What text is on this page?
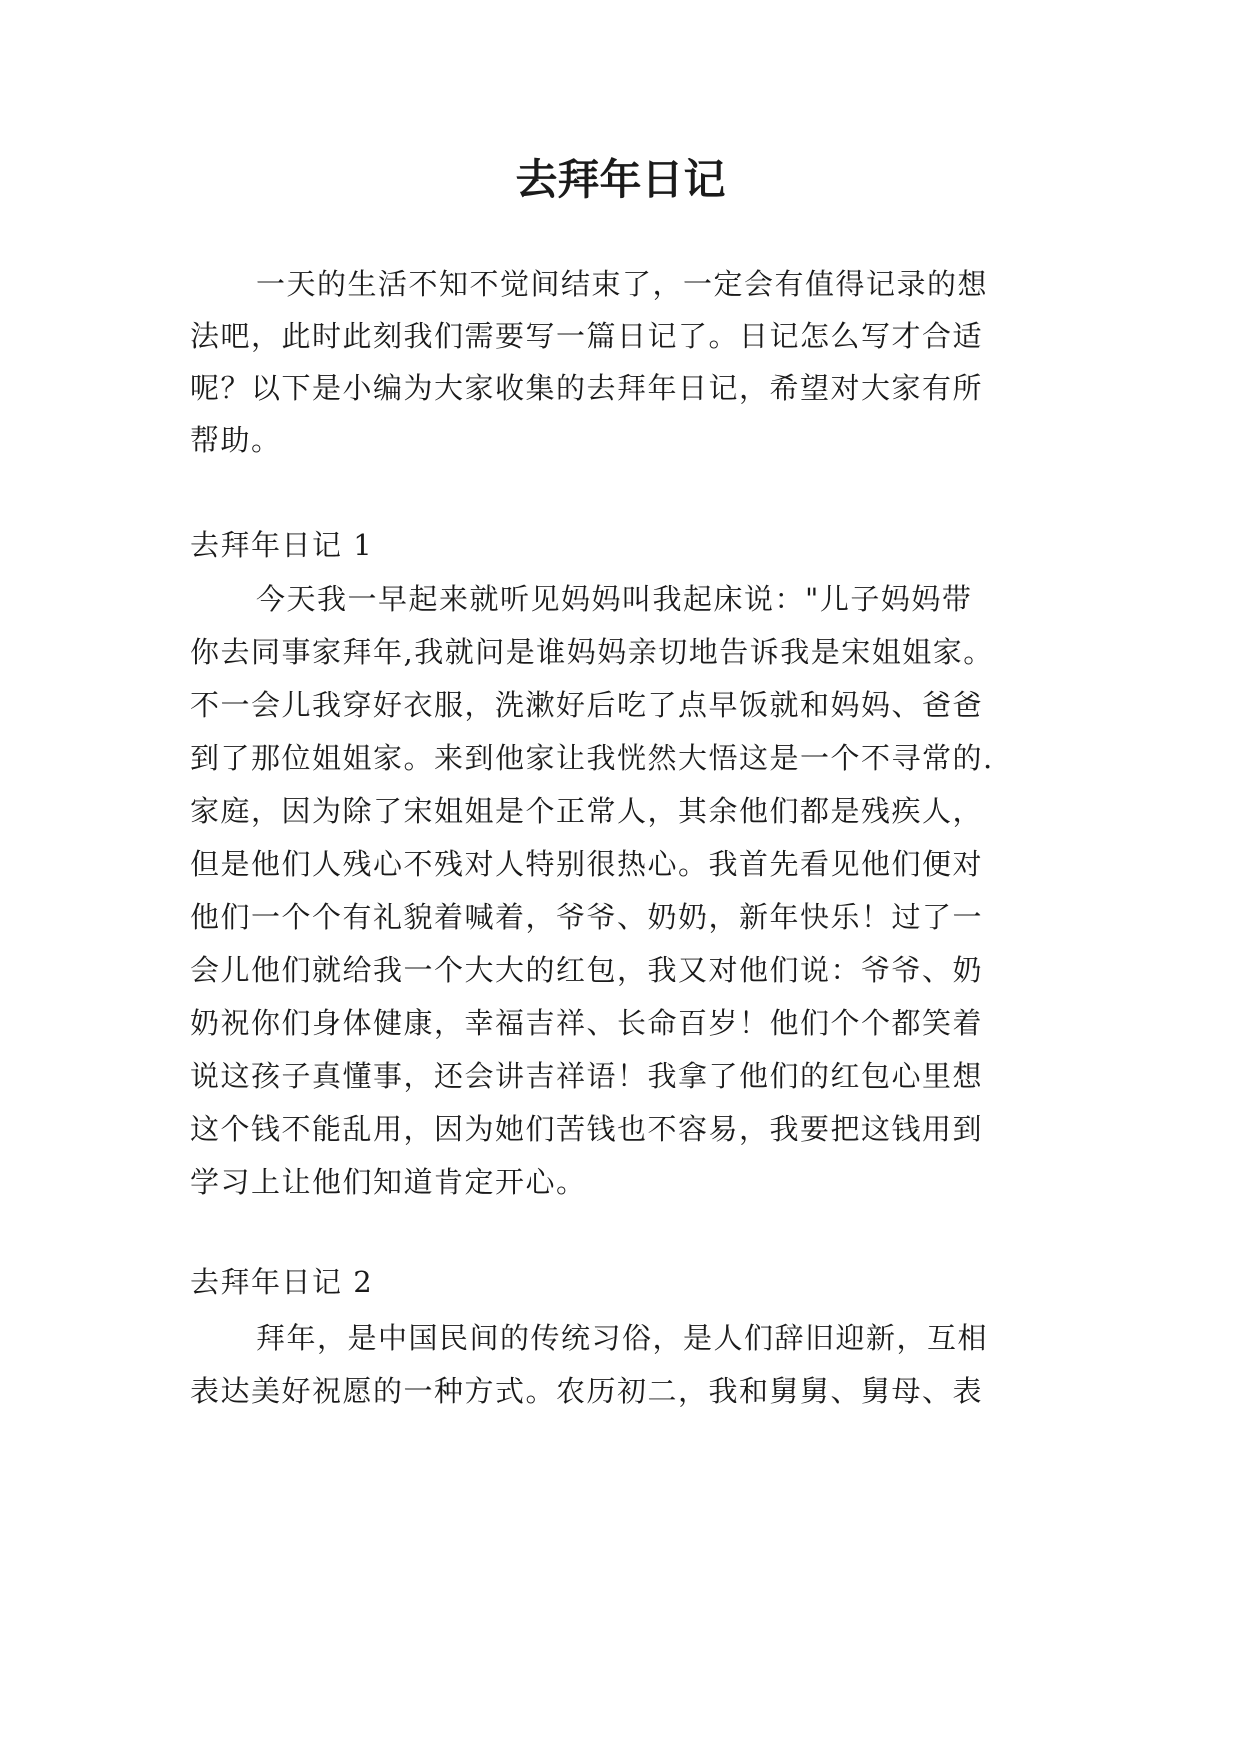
去拜年日记

一天的生活不知不觉间结束了，一定会有值得记录的想

法吧，此时此刻我们需要写一篇日记了。日记怎么写才合适

呢？以下是小编为大家收集的去拜年日记，希望对大家有所

帮助。

去拜年日记 1

今天我一早起来就听见妈妈叫我起床说："儿子妈妈带

你去同事家拜年,我就问是谁妈妈亲切地告诉我是宋姐姐家。

不一会儿我穿好衣服，洗漱好后吃了点早饭就和妈妈、爸爸

到了那位姐姐家。来到他家让我恍然大悟这是一个不寻常的.

家庭，因为除了宋姐姐是个正常人，其余他们都是残疾人，

但是他们人残心不残对人特别很热心。我首先看见他们便对

他们一个个有礼貌着喊着，爷爷、奶奶，新年快乐！过了一

会儿他们就给我一个大大的红包，我又对他们说：爷爷、奶

奶祝你们身体健康，幸福吉祥、长命百岁！他们个个都笑着

说这孩子真懂事，还会讲吉祥语！我拿了他们的红包心里想

这个钱不能乱用，因为她们苦钱也不容易，我要把这钱用到

学习上让他们知道肯定开心。

去拜年日记 2

拜年，是中国民间的传统习俗，是人们辞旧迎新，互相

表达美好祝愿的一种方式。农历初二，我和舅舅、舅母、表
